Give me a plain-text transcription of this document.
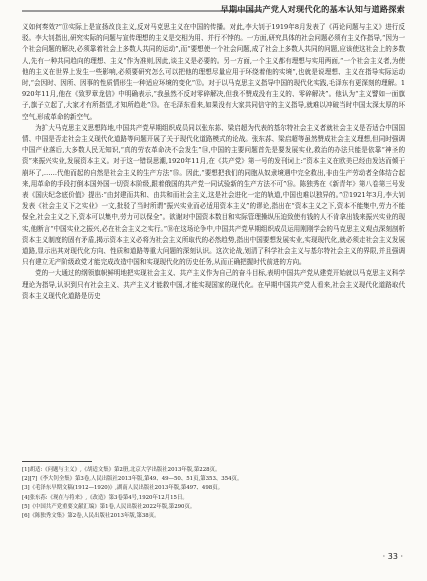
早期中国共产党人对现代化的基本认知与道路探索

义如何奏效?”⑪实际上是宣扬改良主义,反对马克思主义在中国的传播。对此,李大钊于1919年8月发表了《再论问题与主义》进行反驳。李大钊指出,研究实际的问题与宣传理想的主义是交相为用、并行不悖的。一方面,研究具体的社会问题必须有主义作指导,“因为一个社会问题的解决,必须靠着社会上多数人共同的运动”,而“要想使一个社会问题,成了社会上多数人共同的问题,应该使这社会上的多数人,先有一种共同趋向的理想、主义”作为准则,因此,谈主义是必要的。另一方面,一个主义都有理想与实用两面,“一个社会主义者,为使他的主义在世界上发生一些影响,必须要研究怎么可以把他的理想尽量应用于环绕着他的实境”,也就是说理想、主义在指导实际运动时,“会因时、因所、因事的性质情形生一种适应环境的变化”⑫。对于以马克思主义指导中国的现代化实践,毛泽东有更深刻的理解。1920年11月,他在《致罗章龙信》中明确表示,“我虽然不反对零碎解决,但我不赞成没有主义的、零碎解决”。他认为“主义譬如一面旗子,旗子立起了,大家才有所指望,才知所趋赴”⑬。在毛泽东看来,如果没有大家共同信守的主义指导,就难以冲破当时中国太深太厚的坏空气,形成革命的新空气。

为扩大马克思主义思想阵地,中国共产党早期组织成员同以张东荪、梁启超为代表的基尔特社会主义者就社会主义是否适合中国国情、中国是否走社会主义现代化道路等问题开展了关于现代化道路模式的论战。张东荪、梁启超等虽然赞成社会主义理想,但同时强调中国产业落后,大多数人民无知识,“真的劳农革命决不会发生”⑭,中国的主要问题首先是要发展实业,救治的办法只能是依靠“神圣的资”来振兴实业,发展资本主义。对于这一错误思潮,1920年11月,在《共产党》第一号的发刊词上:“资本主义在欧美已经由发达而倾于崩坏了,……代他而起的自然是社会主义的生产方法”⑮。因此,“要想把我们的同胞从奴隶境遇中完全救出,非由生产劳动者全体结合起来,用革命的手段打倒本国外国一切资本阶级,跟着俄国的共产党一同试验新的生产方法不可”⑯。陈独秀在《新青年》第八卷第三号发表《国庆纪念底价值》提出:“由封建而共和、由共和而社会主义,这是社会进化一定的轨道,中国也难以独异的。”⑰1921年3月,李大钊发表《社会主义下之实业》一文,批驳了当时所谓“振兴实业而必适用资本主义”的谬论,指出在“资本主义之下,资本不能集中,劳力不能保全,社会主义之下,资本可以集中,劳力可以保全”。欲谢对中国资本数目和实际管理操纵压迫致使有钱的人不肯拿出钱来振兴实业的现实,他断言“中国实业之振兴,必在社会主义之实行。”⑱在这场论争中,中国共产党早期组织成员运用刚刚学会的马克思主义观点深刻剖析资本主义制度的固有矛盾,揭示资本主义必将为社会主义所取代的必然趋势,指出中国要想发展实业,实现现代化,就必须走社会主义发展道路,显示出其对现代化方向、性质和道路等重大问题的深刻认识。这次论战,划清了科学社会主义与基尔特社会主义的界限,并且强调只有建立无产阶级政党才能完成改造中国和实现现代化的历史任务,从而正确把握时代前进的方向。

党的一大通过的纲领旗帜鲜明地把实现社会主义、共产主义作为自己的奋斗目标,表明中国共产党从建党开始就以马克思主义科学理论为指导,认识到只有社会主义、共产主义才能救中国,才能实现国家的现代化。在早期中国共产党人看来,社会主义现代化道路取代资本主义现代化道路是历史

[1]胡适:《问题与主义》,《胡适文集》第2册,北京大学出版社2013年版,第228页。
[2][7]《李大钊全集》第3卷,人民出版社2013年版,第49、49—50、51页,第353、354页。
[3]《毛泽东早期文稿(1912—1920)》,湖南人民出版社2013年版,第497、498页。
[4]张东荪:《现在与将来》,《改造》第3卷第4号,1920年12月15日。
[5]《中国共产党重要文献汇编》第1卷,人民出版社2022年版,第290页。
[6]《陈独秀文集》第2卷,人民出版社2013年版,第38页。
· 33 ·
